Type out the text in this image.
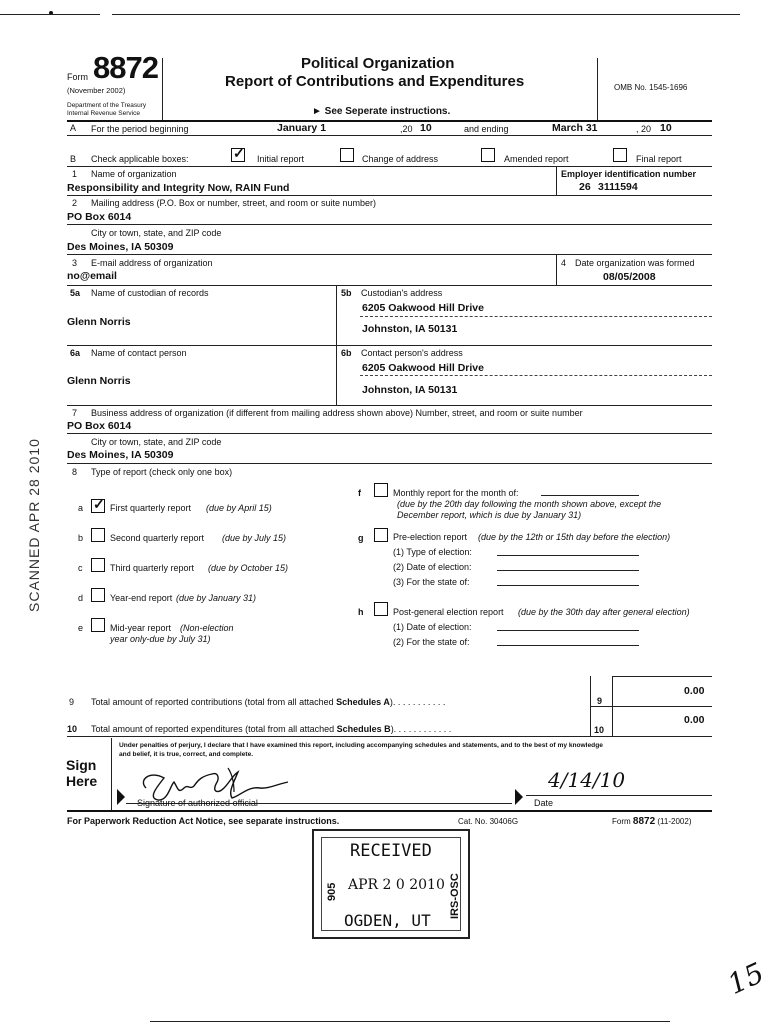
Form 8872
(November 2002)
Department of the Treasury
Internal Revenue Service
Political Organization
Report of Contributions and Expenditures
► See Seperate instructions.
OMB No. 1545-1696
A For the period beginning	January 1	,20 10	and ending	March 31	, 20 10
B Check applicable boxes: ✓	Initial report	Change of address	Amended report	Final report
1 Name of organization	Employer identification number
Responsibility and Integrity Now, RAIN Fund	26 3111594
2 Mailing address (P.O. Box or number, street, and room or suite number)
PO Box 6014
City or town, state, and ZIP code
Des Moines, IA 50309
3 E-mail address of organization
no@email
4 Date organization was formed
08/05/2008
5a Name of custodian of records
Glenn Norris
5b Custodian's address
6205 Oakwood Hill Drive
Johnston, IA 50131
6a Name of contact person
Glenn Norris
6b Contact person's address
6205 Oakwood Hill Drive
Johnston, IA 50131
7 Business address of organization (if different from mailing address shown above) Number, street, and room or suite number
PO Box 6014
City or town, state, and ZIP code
Des Moines, IA 50309
8 Type of report (check only one box)
a ✓	First quarterly report (due by April 15)
b	Second quarterly report (due by July 15)
c	Third quarterly report (due by October 15)
d	Year-end report (due by January 31)
e	Mid-year report (Non-election
year only-due by July 31)
f	Monthly report for the month of:
(due by the 20th day following the month shown above, except the
December report, which is due by January 31)
g	Pre-election report (due by the 12th or 15th day before the election)
(1) Type of election:
(2) Date of election:
(3) For the state of:
h	Post-general election report (due by the 30th day after general election)
(1) Date of election:
(2) For the state of:
9 Total amount of reported contributions (total from all attached Schedules A). . . . . . . . . . .	9
0.00
10 Total amount of reported expenditures (total from all attached Schedules B). . . . . . . . . . . .	10
0.00
Sign
Here
Under penalties of perjury, I declare that I have examined this report, including accompanying schedules and statements, and to the best of my knowledge
and belief, it is true, correct, and complete.
Signature of authorized official
4/14/10
Date
For Paperwork Reduction Act Notice, see separate instructions.	Cat. No. 30406G	Form 8872 (11-2002)
RECEIVED
APR 2 0 2010
OGDEN, UT
905	IRS-OSC
SCANNED APR 28 2010
15
